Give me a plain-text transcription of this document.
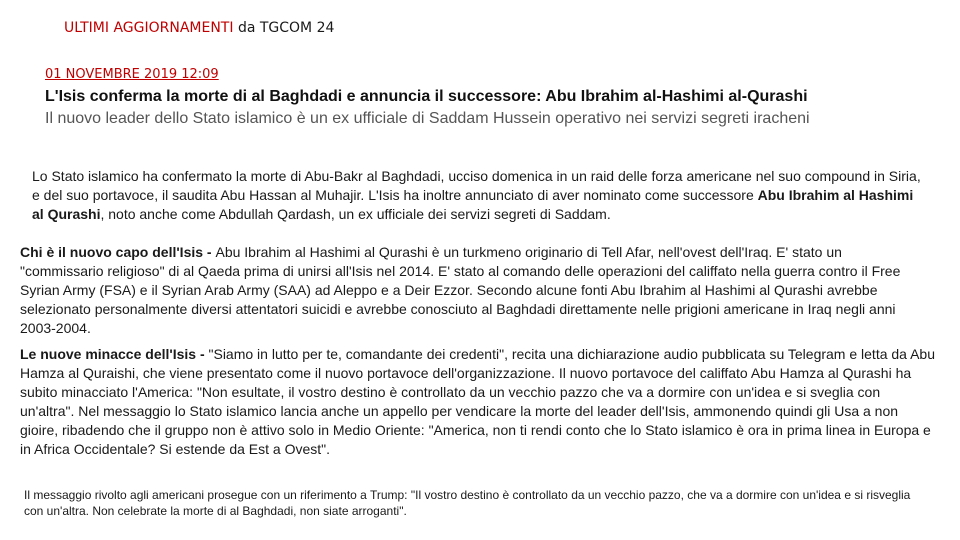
ULTIMI AGGIORNAMENTI da TGCOM 24
01 NOVEMBRE 2019 12:09
L'Isis conferma la morte di al Baghdadi e annuncia il successore: Abu Ibrahim al-Hashimi al-Qurashi
Il nuovo leader dello Stato islamico è un ex ufficiale di Saddam Hussein operativo nei servizi segreti iracheni

Lo Stato islamico ha confermato la morte di Abu-Bakr al Baghdadi, ucciso domenica in un raid delle forza americane nel suo compound in Siria, e del suo portavoce, il saudita Abu Hassan al Muhajir. L'Isis ha inoltre annunciato di aver nominato come successore Abu Ibrahim al Hashimi al Qurashi, noto anche come Abdullah Qardash, un ex ufficiale dei servizi segreti di Saddam.

Chi è il nuovo capo dell'Isis - Abu Ibrahim al Hashimi al Qurashi è un turkmeno originario di Tell Afar, nell'ovest dell'Iraq. E' stato un "commissario religioso" di al Qaeda prima di unirsi all'Isis nel 2014. E' stato al comando delle operazioni del califfato nella guerra contro il Free Syrian Army (FSA) e il Syrian Arab Army (SAA) ad Aleppo e a Deir Ezzor. Secondo alcune fonti Abu Ibrahim al Hashimi al Qurashi avrebbe selezionato personalmente diversi attentatori suicidi e avrebbe conosciuto al Baghdadi direttamente nelle prigioni americane in Iraq negli anni 2003-2004.

Le nuove minacce dell'Isis - "Siamo in lutto per te, comandante dei credenti", recita una dichiarazione audio pubblicata su Telegram e letta da Abu Hamza al Quraishi, che viene presentato come il nuovo portavoce dell'organizzazione. Il nuovo portavoce del califfato Abu Hamza al Qurashi ha subito minacciato l'America: "Non esultate, il vostro destino è controllato da un vecchio pazzo che va a dormire con un'idea e si sveglia con un'altra". Nel messaggio lo Stato islamico lancia anche un appello per vendicare la morte del leader dell'Isis, ammonendo quindi gli Usa a non gioire, ribadendo che il gruppo non è attivo solo in Medio Oriente: "America, non ti rendi conto che lo Stato islamico è ora in prima linea in Europa e in Africa Occidentale? Si estende da Est a Ovest".

Il messaggio rivolto agli americani prosegue con un riferimento a Trump: "Il vostro destino è controllato da un vecchio pazzo, che va a dormire con un'idea e si risveglia con un'altra. Non celebrate la morte di al Baghdadi, non siate arroganti".
